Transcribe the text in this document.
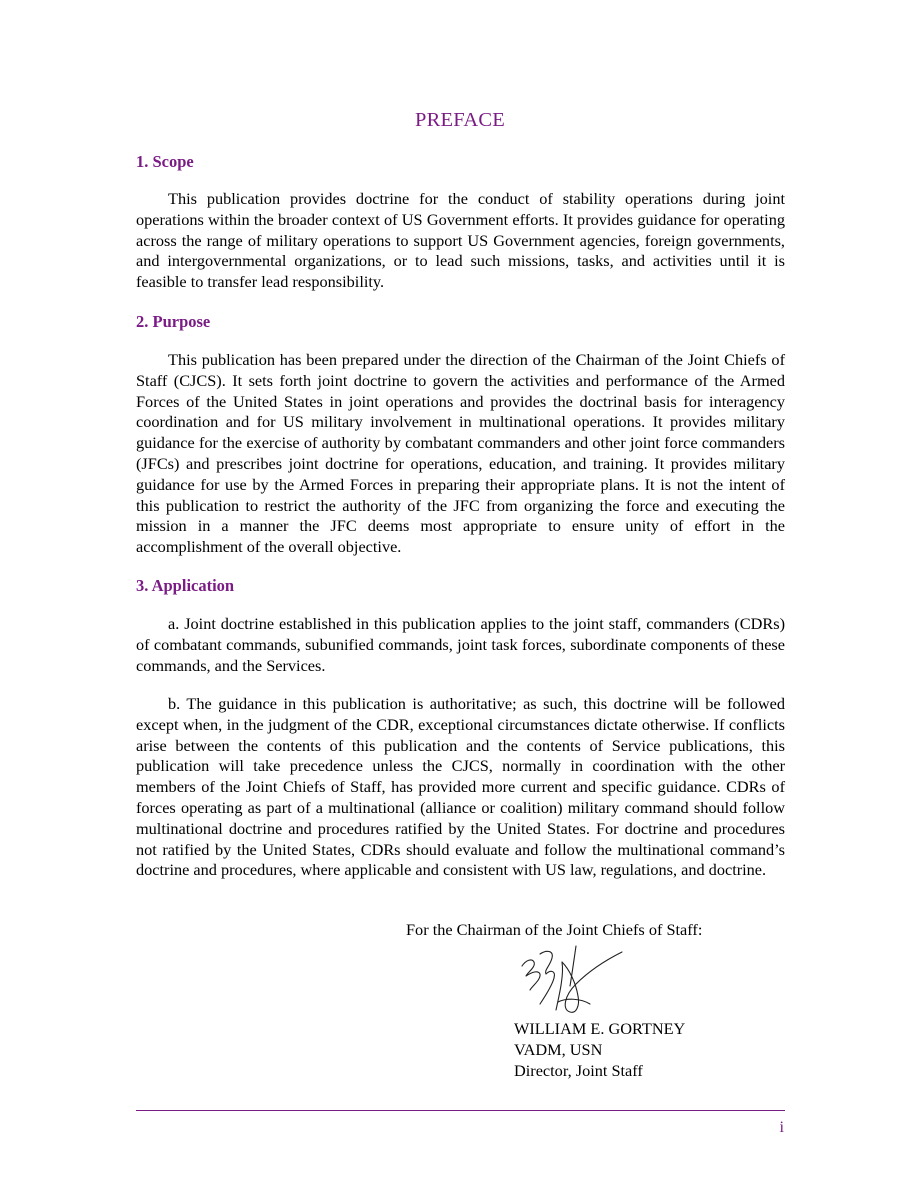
PREFACE
1. Scope

This publication provides doctrine for the conduct of stability operations during joint operations within the broader context of US Government efforts. It provides guidance for operating across the range of military operations to support US Government agencies, foreign governments, and intergovernmental organizations, or to lead such missions, tasks, and activities until it is feasible to transfer lead responsibility.

2. Purpose

This publication has been prepared under the direction of the Chairman of the Joint Chiefs of Staff (CJCS). It sets forth joint doctrine to govern the activities and performance of the Armed Forces of the United States in joint operations and provides the doctrinal basis for interagency coordination and for US military involvement in multinational operations. It provides military guidance for the exercise of authority by combatant commanders and other joint force commanders (JFCs) and prescribes joint doctrine for operations, education, and training. It provides military guidance for use by the Armed Forces in preparing their appropriate plans. It is not the intent of this publication to restrict the authority of the JFC from organizing the force and executing the mission in a manner the JFC deems most appropriate to ensure unity of effort in the accomplishment of the overall objective.

3. Application

a. Joint doctrine established in this publication applies to the joint staff, commanders (CDRs) of combatant commands, subunified commands, joint task forces, subordinate components of these commands, and the Services.

b. The guidance in this publication is authoritative; as such, this doctrine will be followed except when, in the judgment of the CDR, exceptional circumstances dictate otherwise. If conflicts arise between the contents of this publication and the contents of Service publications, this publication will take precedence unless the CJCS, normally in coordination with the other members of the Joint Chiefs of Staff, has provided more current and specific guidance. CDRs of forces operating as part of a multinational (alliance or coalition) military command should follow multinational doctrine and procedures ratified by the United States. For doctrine and procedures not ratified by the United States, CDRs should evaluate and follow the multinational command’s doctrine and procedures, where applicable and consistent with US law, regulations, and doctrine.

For the Chairman of the Joint Chiefs of Staff:
WILLIAM E. GORTNEY
VADM, USN
Director, Joint Staff
i
